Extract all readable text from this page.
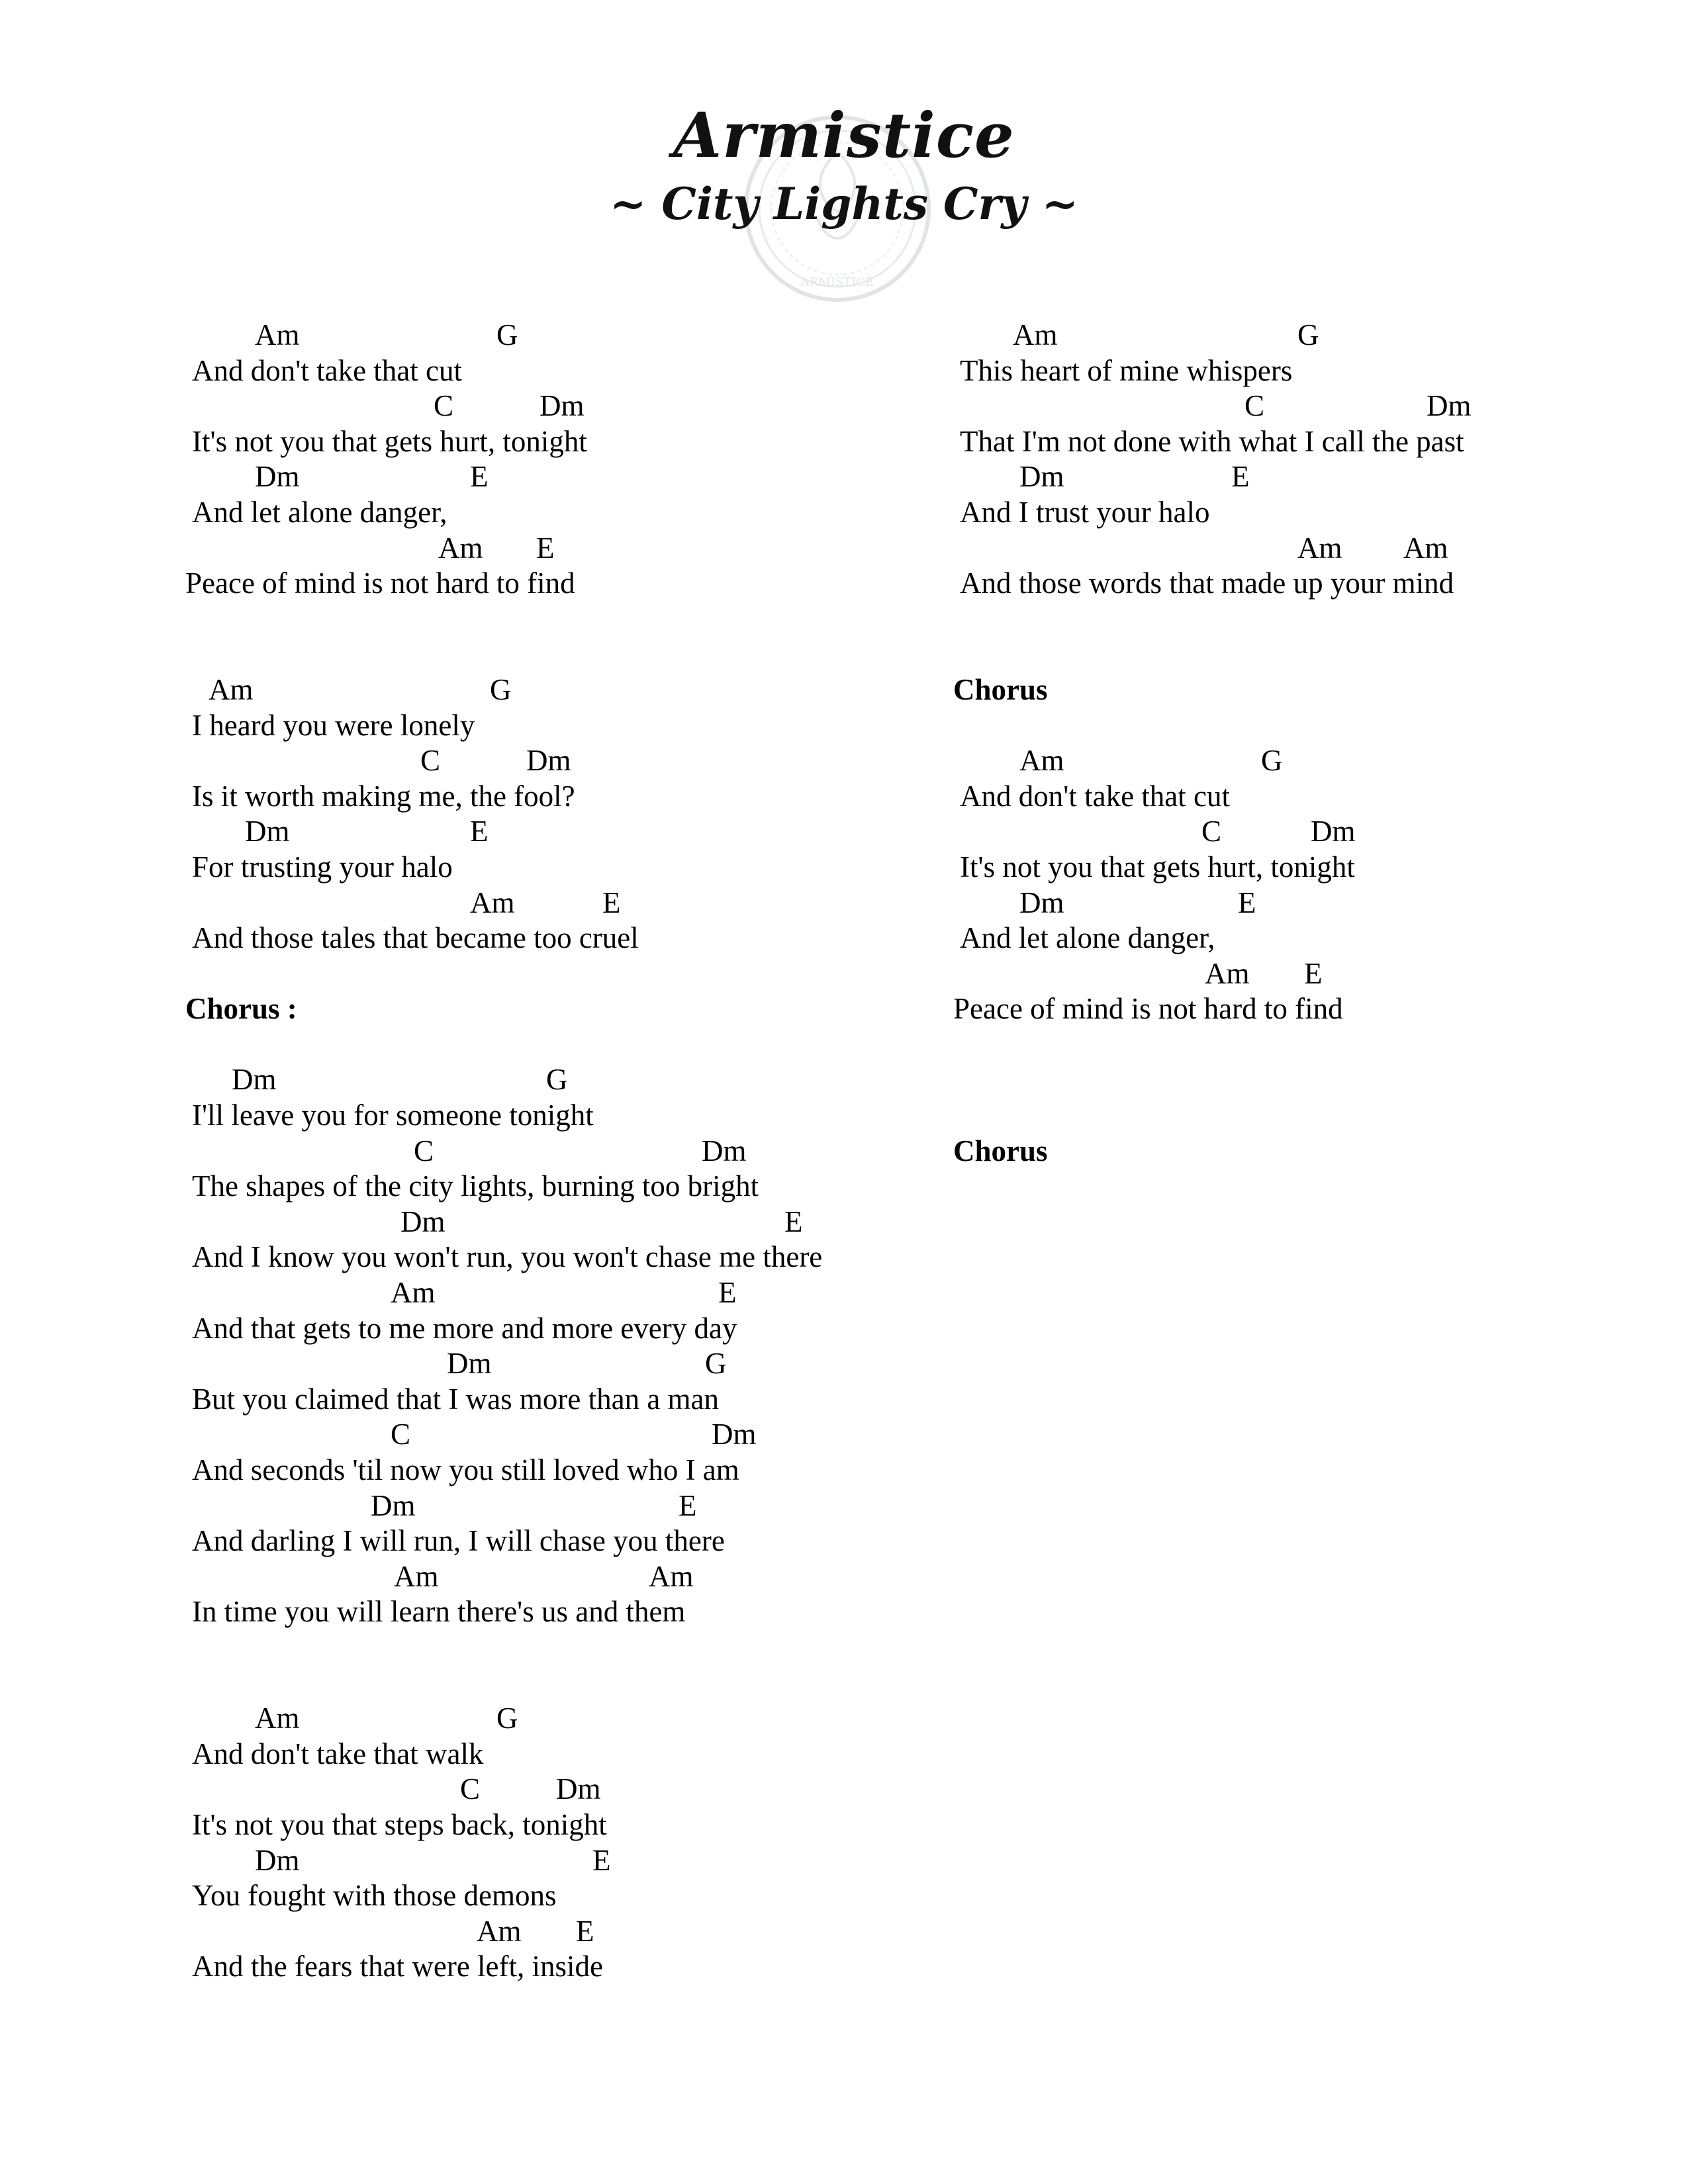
ARMISTICE
Armistice
~ City Lights Cry ~
Am	G
And don't take that cut
C	Dm
It's not you that gets hurt, tonight
Dm	E
And let alone danger,
Am E
Peace of mind is not hard to find
Am	G
I heard you were lonely
C	Dm
Is it worth making me, the fool?
Dm	E
For trusting your halo
Am	E
And those tales that became too cruel
Chorus :
Dm	G
I'll leave you for someone tonight
C	Dm
The shapes of the city lights, burning too bright
Dm	E
And I know you won't run, you won't chase me there
Am	E
And that gets to me more and more every day
Dm	G
But you claimed that I was more than a man
C	Dm
And seconds 'til now you still loved who I am
Dm	E
And darling I will run, I will chase you there
Am	Am
In time you will learn there's us and them
Am	G
And don't take that walk
C	Dm
It's not you that steps back, tonight
Dm	E
You fought with those demons
Am E
And the fears that were left, inside
Am	G
This heart of mine whispers
C	Dm
That I'm not done with what I call the past
Dm	E
And I trust your halo
Am Am
And those words that made up your mind
Chorus
Am	G
And don't take that cut
C	Dm
It's not you that gets hurt, tonight
Dm	E
And let alone danger,
Am E
Peace of mind is not hard to find
Chorus
